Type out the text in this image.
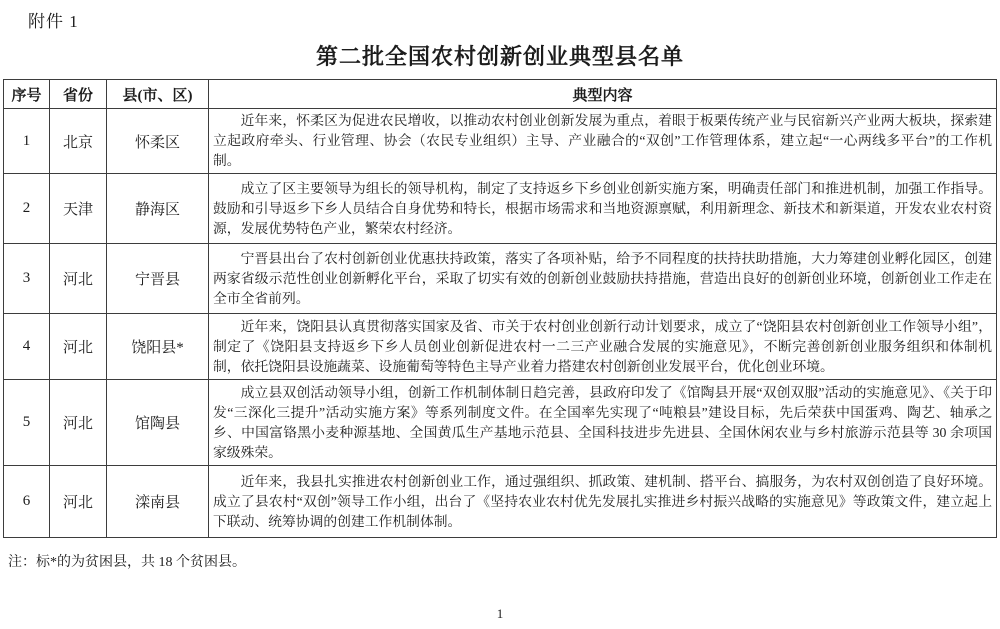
附件 1
第二批全国农村创新创业典型县名单
序号	省份	县(市、区)	典型内容
1	北京	怀柔区	近年来，怀柔区为促进农民增收，以推动农村创业创新发展为重点，着眼于板栗传统产业与民宿新兴产业两大板块，探索建立起政府牵头、行业管理、协会（农民专业组织）主导、产业融合的“双创”工作管理体系，建立起“一心两线多平台”的工作机制。

2	天津	静海区	成立了区主要领导为组长的领导机构，制定了支持返乡下乡创业创新实施方案，明确责任部门和推进机制，加强工作指导。鼓励和引导返乡下乡人员结合自身优势和特长，根据市场需求和当地资源禀赋，利用新理念、新技术和新渠道，开发农业农村资源，发展优势特色产业，繁荣农村经济。

3	河北	宁晋县	宁晋县出台了农村创新创业优惠扶持政策，落实了各项补贴，给予不同程度的扶持扶助措施，大力筹建创业孵化园区，创建两家省级示范性创业创新孵化平台，采取了切实有效的创新创业鼓励扶持措施，营造出良好的创新创业环境，创新创业工作走在全市全省前列。

4	河北	饶阳县*	近年来，饶阳县认真贯彻落实国家及省、市关于农村创业创新行动计划要求，成立了“饶阳县农村创新创业工作领导小组”，制定了《饶阳县支持返乡下乡人员创业创新促进农村一二三产业融合发展的实施意见》，不断完善创新创业服务组织和体制机制，依托饶阳县设施蔬菜、设施葡萄等特色主导产业着力搭建农村创新创业发展平台，优化创业环境。

5	河北	馆陶县	成立县双创活动领导小组，创新工作机制体制日趋完善，县政府印发了《馆陶县开展“双创双服”活动的实施意见》、《关于印发“三深化三提升”活动实施方案》等系列制度文件。在全国率先实现了“吨粮县”建设目标，先后荣获中国蛋鸡、陶艺、轴承之乡、中国富铬黑小麦种源基地、全国黄瓜生产基地示范县、全国科技进步先进县、全国休闲农业与乡村旅游示范县等 30 余项国家级殊荣。

6	河北	滦南县	近年来，我县扎实推进农村创新创业工作，通过强组织、抓政策、建机制、搭平台、搞服务，为农村双创创造了良好环境。成立了县农村“双创”领导工作小组，出台了《坚持农业农村优先发展扎实推进乡村振兴战略的实施意见》等政策文件，建立起上下联动、统筹协调的创建工作机制体制。

注：标*的为贫困县，共 18 个贫困县。
1
